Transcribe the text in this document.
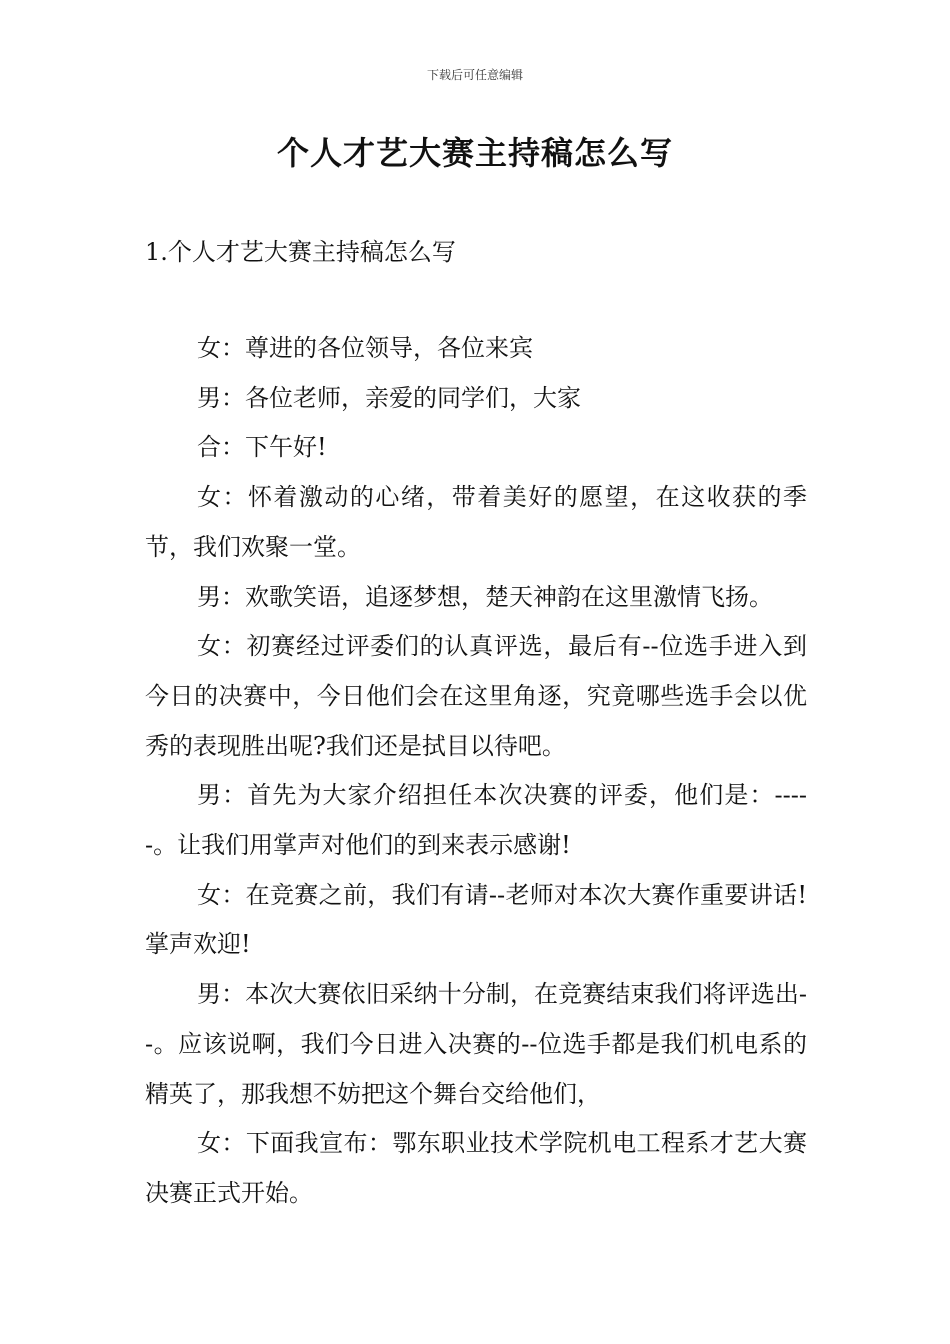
下载后可任意编辑
个人才艺大赛主持稿怎么写
1.个人才艺大赛主持稿怎么写

女：尊进的各位领导，各位来宾

男：各位老师，亲爱的同学们，大家

合：下午好!

女：怀着激动的心绪，带着美好的愿望，在这收获的季节，我们欢聚一堂。

男：欢歌笑语，追逐梦想，楚天神韵在这里激情飞扬。

女：初赛经过评委们的认真评选，最后有--位选手进入到今日的决赛中，今日他们会在这里角逐，究竟哪些选手会以优秀的表现胜出呢?我们还是拭目以待吧。

男：首先为大家介绍担任本次决赛的评委，他们是：-----。让我们用掌声对他们的到来表示感谢!

女：在竞赛之前，我们有请--老师对本次大赛作重要讲话!掌声欢迎!

男：本次大赛依旧采纳十分制，在竞赛结束我们将评选出--。应该说啊，我们今日进入决赛的--位选手都是我们机电系的精英了，那我想不妨把这个舞台交给他们，

女：下面我宣布：鄂东职业技术学院机电工程系才艺大赛决赛正式开始。
